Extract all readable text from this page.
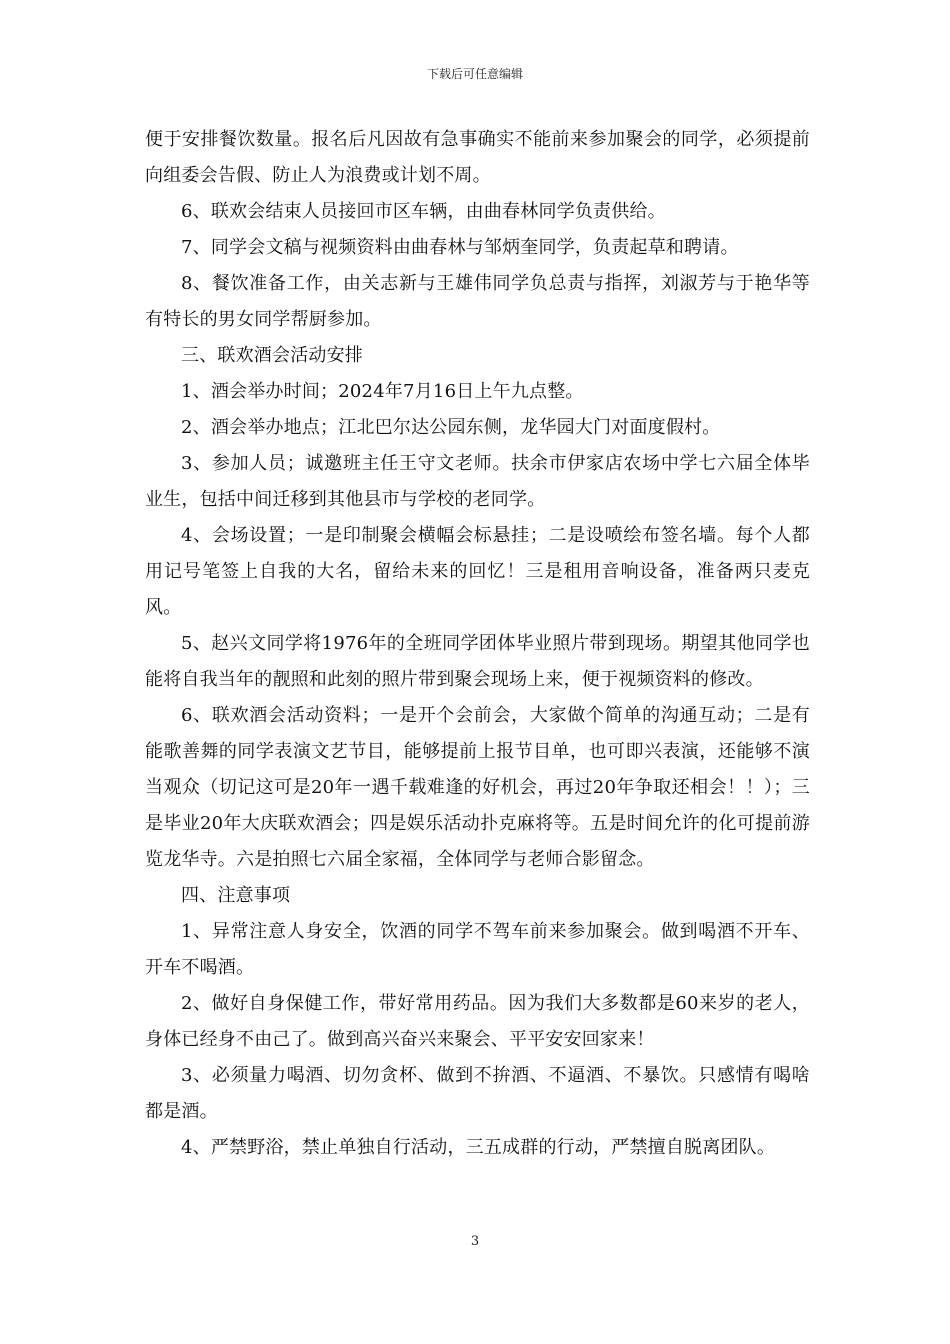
下载后可任意编辑

便于安排餐饮数量。报名后凡因故有急事确实不能前来参加聚会的同学，必须提前向组委会告假、防止人为浪费或计划不周。

6、联欢会结束人员接回市区车辆，由曲春林同学负责供给。

7、同学会文稿与视频资料由曲春林与邹炳奎同学，负责起草和聘请。

8、餐饮准备工作，由关志新与王雄伟同学负总责与指挥，刘淑芳与于艳华等有特长的男女同学帮厨参加。

三、联欢酒会活动安排

1、酒会举办时间；2024年7月16日上午九点整。

2、酒会举办地点；江北巴尔达公园东侧，龙华园大门对面度假村。

3、参加人员；诚邀班主任王守文老师。扶余市伊家店农场中学七六届全体毕业生，包括中间迁移到其他县市与学校的老同学。

4、会场设置；一是印制聚会横幅会标悬挂；二是设喷绘布签名墙。每个人都用记号笔签上自我的大名，留给未来的回忆！三是租用音响设备，准备两只麦克风。

5、赵兴文同学将1976年的全班同学团体毕业照片带到现场。期望其他同学也能将自我当年的靓照和此刻的照片带到聚会现场上来，便于视频资料的修改。

6、联欢酒会活动资料；一是开个会前会，大家做个简单的沟通互动；二是有能歌善舞的同学表演文艺节目，能够提前上报节目单，也可即兴表演，还能够不演当观众（切记这可是20年一遇千载难逢的好机会，再过20年争取还相会！！）；三是毕业20年大庆联欢酒会；四是娱乐活动扑克麻将等。五是时间允许的化可提前游览龙华寺。六是拍照七六届全家福，全体同学与老师合影留念。

四、注意事项

1、异常注意人身安全，饮酒的同学不驾车前来参加聚会。做到喝酒不开车、开车不喝酒。

2、做好自身保健工作，带好常用药品。因为我们大多数都是60来岁的老人，身体已经身不由己了。做到高兴奋兴来聚会、平平安安回家来！

3、必须量力喝酒、切勿贪杯、做到不拚酒、不逼酒、不暴饮。只感情有喝啥都是酒。

4、严禁野浴，禁止单独自行活动，三五成群的行动，严禁擅自脱离团队。

3
